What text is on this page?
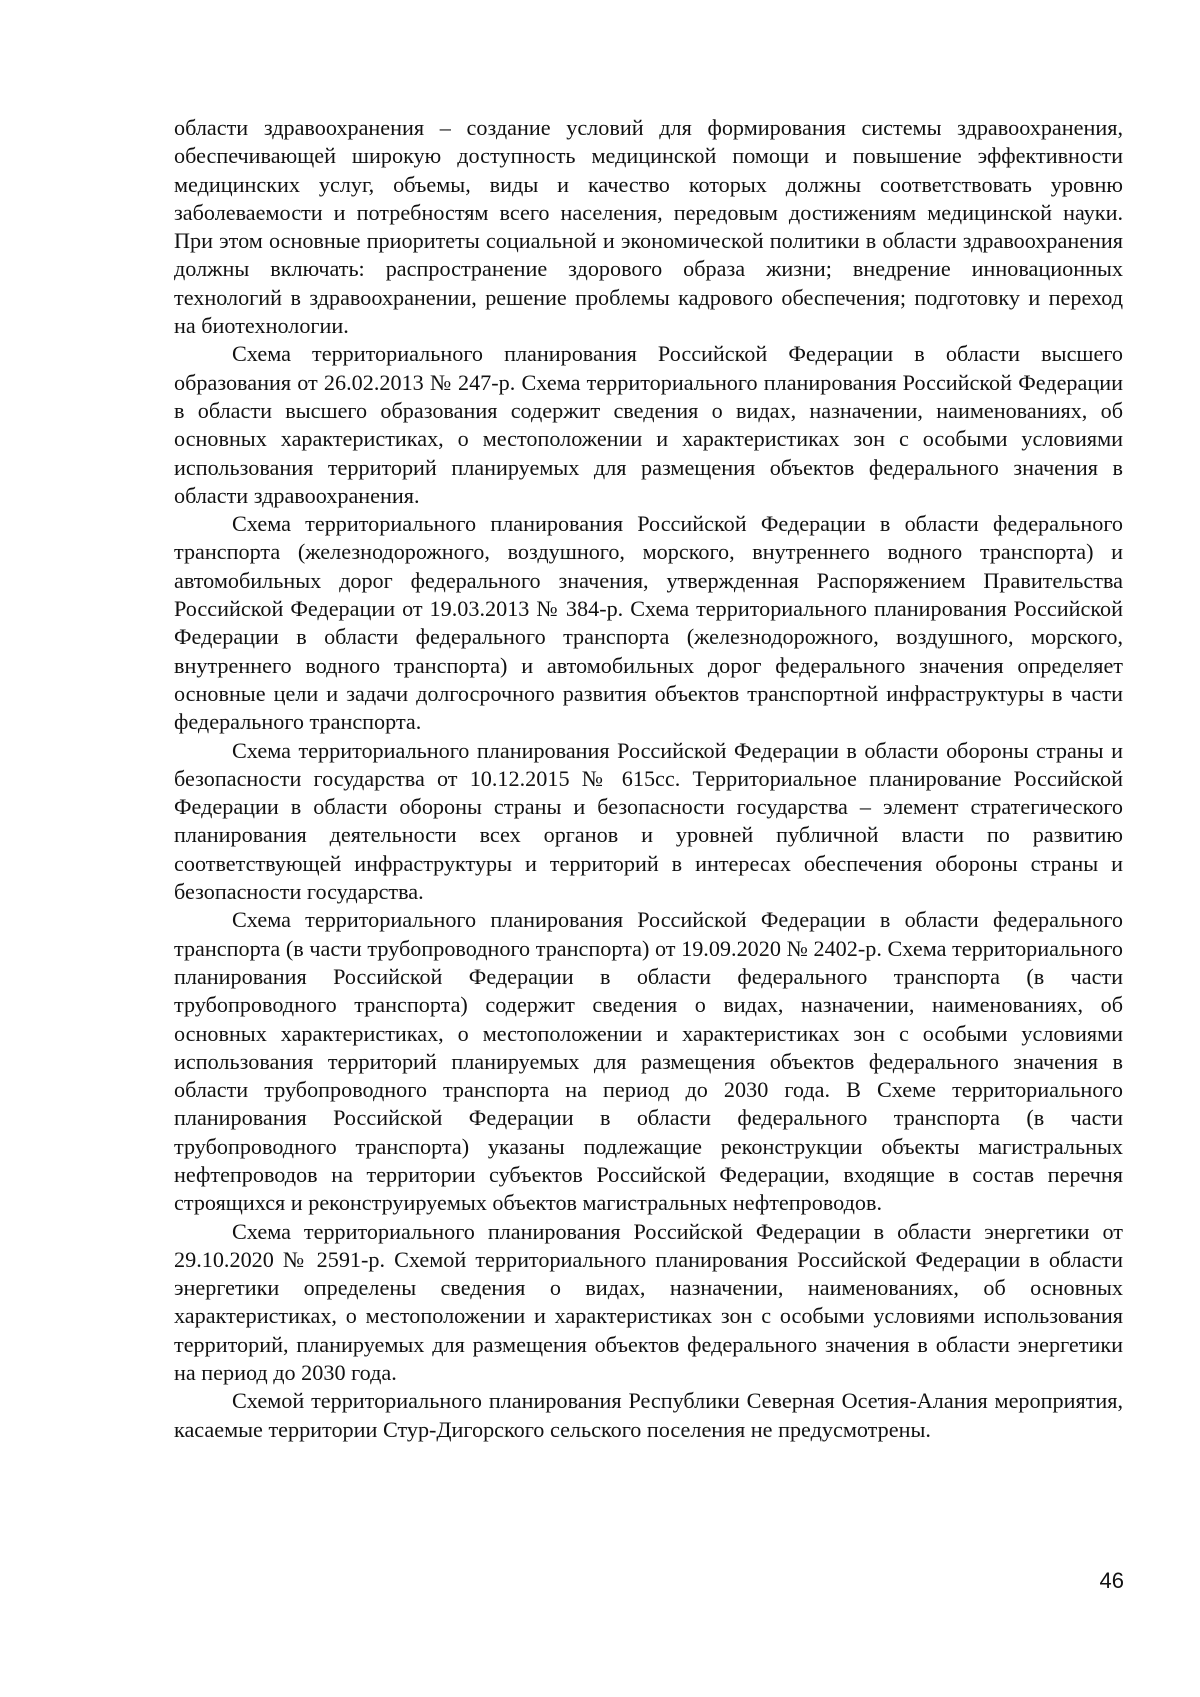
области здравоохранения – создание условий для формирования системы здравоохранения, обеспечивающей широкую доступность медицинской помощи и повышение эффективности медицинских услуг, объемы, виды и качество которых должны соответствовать уровню заболеваемости и потребностям всего населения, передовым достижениям медицинской науки. При этом основные приоритеты социальной и экономической политики в области здравоохранения должны включать: распространение здорового образа жизни; внедрение инновационных технологий в здравоохранении, решение проблемы кадрового обеспечения; подготовку и переход на биотехнологии.

Схема территориального планирования Российской Федерации в области высшего образования от 26.02.2013 № 247-р. Схема территориального планирования Российской Федерации в области высшего образования содержит сведения о видах, назначении, наименованиях, об основных характеристиках, о местоположении и характеристиках зон с особыми условиями использования территорий планируемых для размещения объектов федерального значения в области здравоохранения.

Схема территориального планирования Российской Федерации в области федерального транспорта (железнодорожного, воздушного, морского, внутреннего водного транспорта) и автомобильных дорог федерального значения, утвержденная Распоряжением Правительства Российской Федерации от 19.03.2013 № 384-р. Схема территориального планирования Российской Федерации в области федерального транспорта (железнодорожного, воздушного, морского, внутреннего водного транспорта) и автомобильных дорог федерального значения определяет основные цели и задачи долгосрочного развития объектов транспортной инфраструктуры в части федерального транспорта.

Схема территориального планирования Российской Федерации в области обороны страны и безопасности государства от 10.12.2015 № 615сс. Территориальное планирование Российской Федерации в области обороны страны и безопасности государства – элемент стратегического планирования деятельности всех органов и уровней публичной власти по развитию соответствующей инфраструктуры и территорий в интересах обеспечения обороны страны и безопасности государства.

Схема территориального планирования Российской Федерации в области федерального транспорта (в части трубопроводного транспорта) от 19.09.2020 № 2402-р. Схема территориального планирования Российской Федерации в области федерального транспорта (в части трубопроводного транспорта) содержит сведения о видах, назначении, наименованиях, об основных характеристиках, о местоположении и характеристиках зон с особыми условиями использования территорий планируемых для размещения объектов федерального значения в области трубопроводного транспорта на период до 2030 года. В Схеме территориального планирования Российской Федерации в области федерального транспорта (в части трубопроводного транспорта) указаны подлежащие реконструкции объекты магистральных нефтепроводов на территории субъектов Российской Федерации, входящие в состав перечня строящихся и реконструируемых объектов магистральных нефтепроводов.

Схема территориального планирования Российской Федерации в области энергетики от 29.10.2020 № 2591-р. Схемой территориального планирования Российской Федерации в области энергетики определены сведения о видах, назначении, наименованиях, об основных характеристиках, о местоположении и характеристиках зон с особыми условиями использования территорий, планируемых для размещения объектов федерального значения в области энергетики на период до 2030 года.

Схемой территориального планирования Республики Северная Осетия-Алания мероприятия, касаемые территории Стур-Дигорского сельского поселения не предусмотрены.

46
